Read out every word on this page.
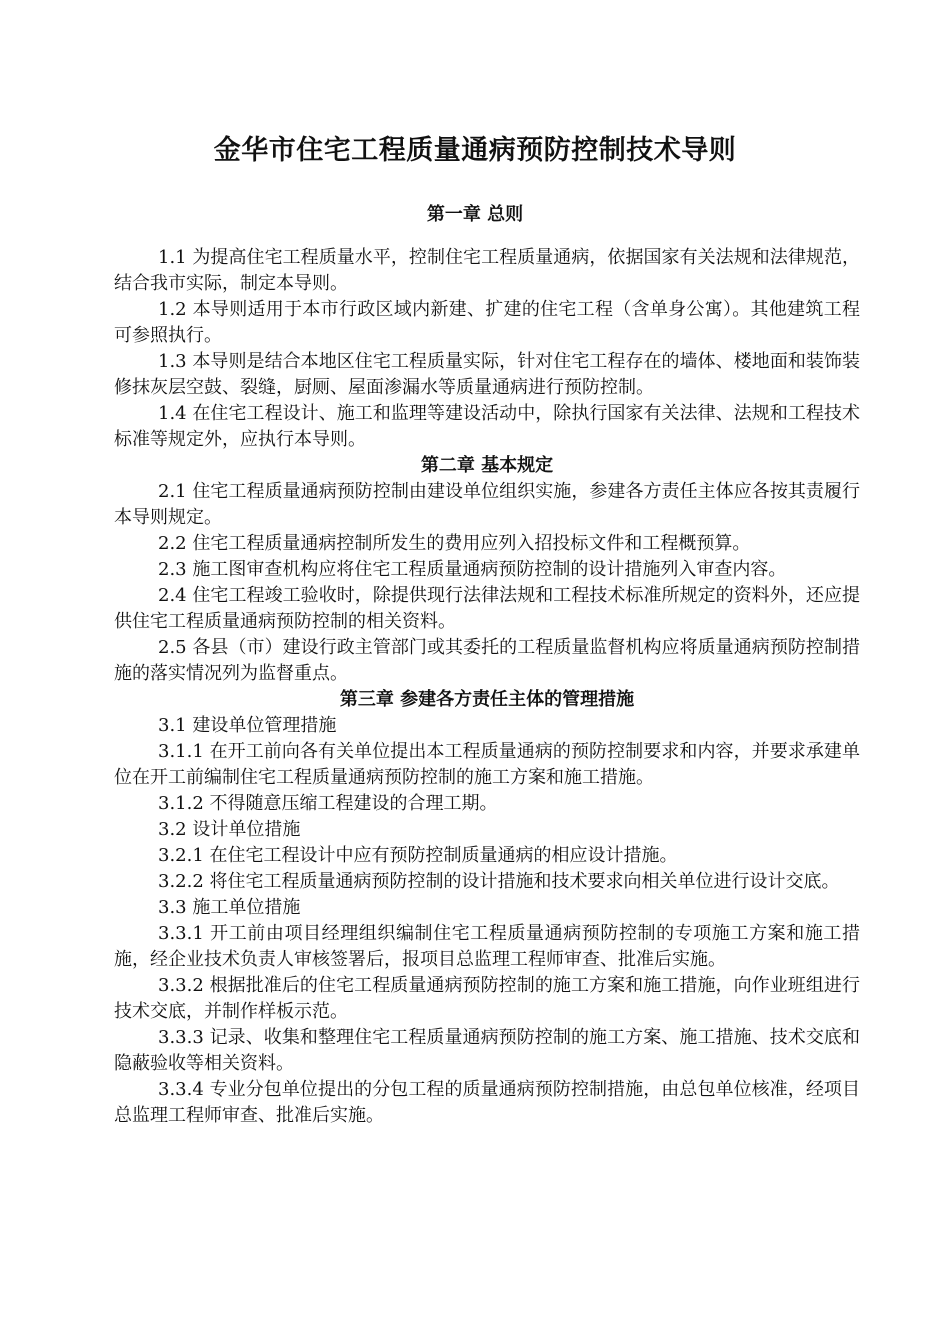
金华市住宅工程质量通病预防控制技术导则
第一章 总则

1.1 为提高住宅工程质量水平，控制住宅工程质量通病，依据国家有关法规和法律规范，结合我市实际，制定本导则。

1.2 本导则适用于本市行政区域内新建、扩建的住宅工程（含单身公寓）。其他建筑工程可参照执行。

1.3 本导则是结合本地区住宅工程质量实际，针对住宅工程存在的墙体、楼地面和装饰装修抹灰层空鼓、裂缝，厨厕、屋面渗漏水等质量通病进行预防控制。

1.4 在住宅工程设计、施工和监理等建设活动中，除执行国家有关法律、法规和工程技术标准等规定外，应执行本导则。

第二章 基本规定

2.1 住宅工程质量通病预防控制由建设单位组织实施，参建各方责任主体应各按其责履行本导则规定。

2.2 住宅工程质量通病控制所发生的费用应列入招投标文件和工程概预算。

2.3 施工图审查机构应将住宅工程质量通病预防控制的设计措施列入审查内容。

2.4 住宅工程竣工验收时，除提供现行法律法规和工程技术标准所规定的资料外，还应提供住宅工程质量通病预防控制的相关资料。

2.5 各县（市）建设行政主管部门或其委托的工程质量监督机构应将质量通病预防控制措施的落实情况列为监督重点。

第三章 参建各方责任主体的管理措施

3.1 建设单位管理措施

3.1.1 在开工前向各有关单位提出本工程质量通病的预防控制要求和内容，并要求承建单位在开工前编制住宅工程质量通病预防控制的施工方案和施工措施。

3.1.2 不得随意压缩工程建设的合理工期。

3.2 设计单位措施

3.2.1 在住宅工程设计中应有预防控制质量通病的相应设计措施。

3.2.2 将住宅工程质量通病预防控制的设计措施和技术要求向相关单位进行设计交底。

3.3 施工单位措施

3.3.1 开工前由项目经理组织编制住宅工程质量通病预防控制的专项施工方案和施工措施，经企业技术负责人审核签署后，报项目总监理工程师审查、批准后实施。

3.3.2 根据批准后的住宅工程质量通病预防控制的施工方案和施工措施，向作业班组进行技术交底，并制作样板示范。

3.3.3 记录、收集和整理住宅工程质量通病预防控制的施工方案、施工措施、技术交底和隐蔽验收等相关资料。

3.3.4 专业分包单位提出的分包工程的质量通病预防控制措施，由总包单位核准，经项目总监理工程师审查、批准后实施。
